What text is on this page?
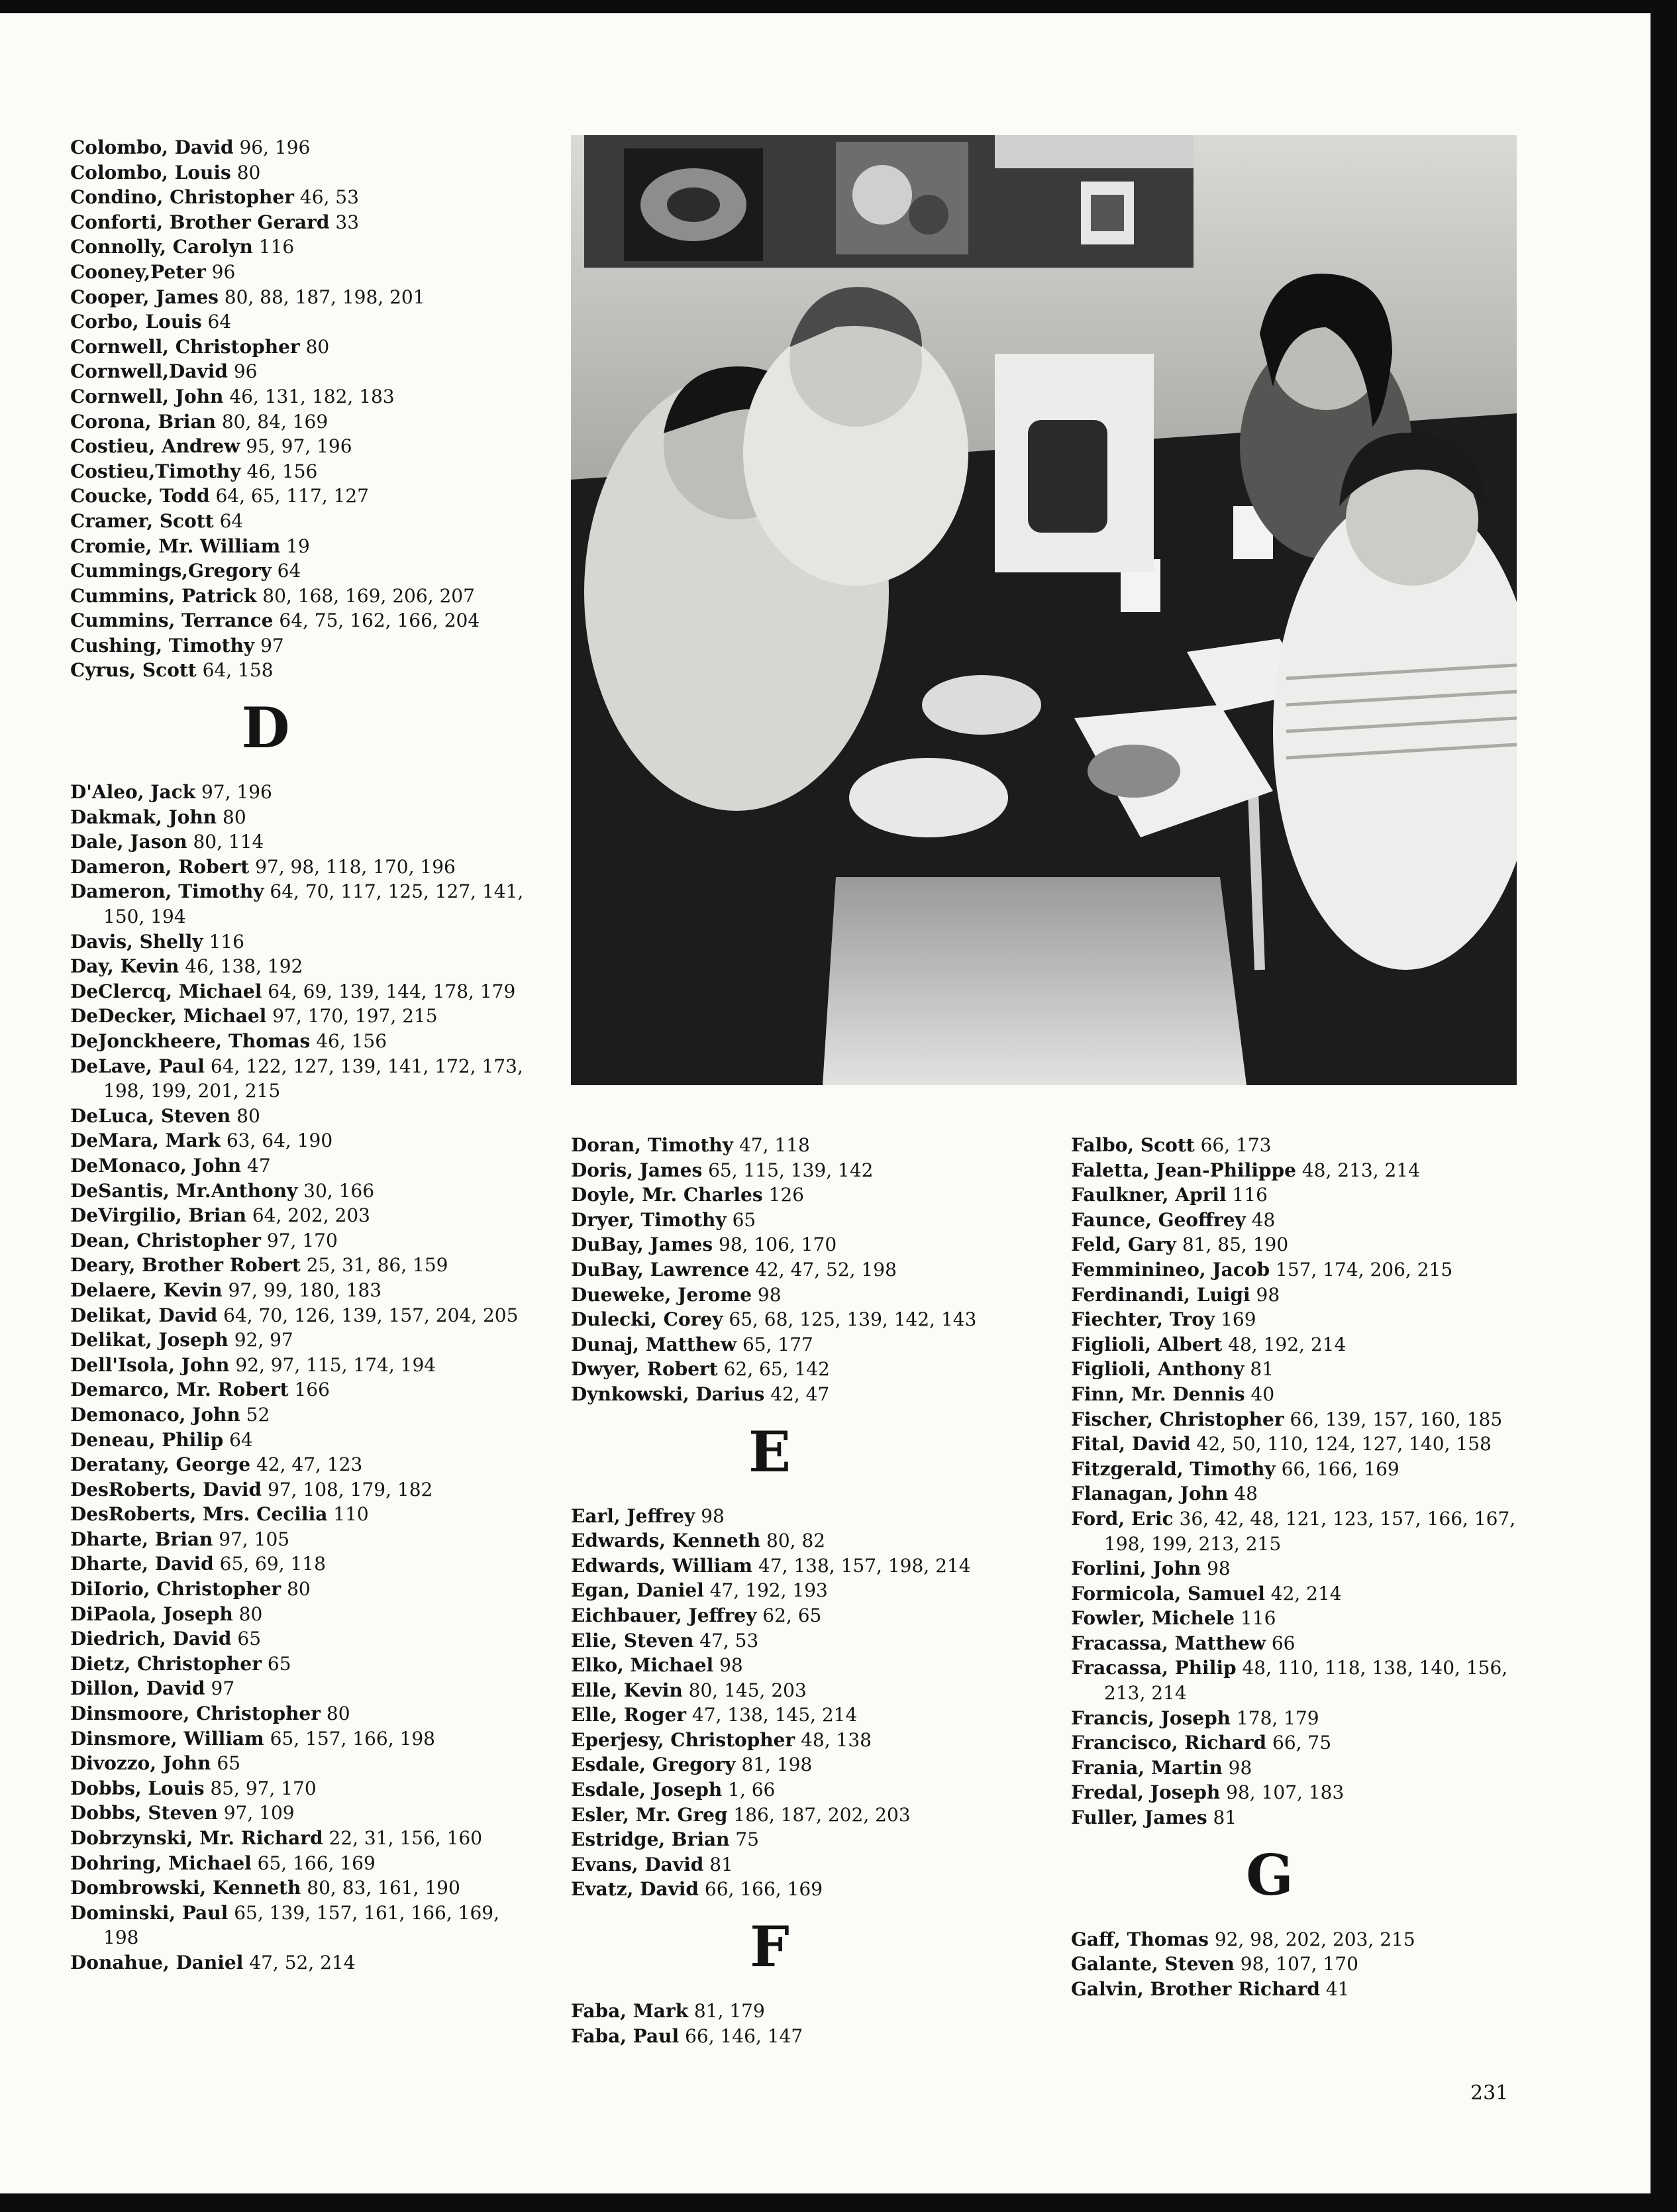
Colombo, David 96, 196
Colombo, Louis 80
Condino, Christopher 46, 53
Conforti, Brother Gerard 33
Connolly, Carolyn 116
Cooney,Peter 96
Cooper, James 80, 88, 187, 198, 201
Corbo, Louis 64
Cornwell, Christopher 80
Cornwell,David 96
Cornwell, John 46, 131, 182, 183
Corona, Brian 80, 84, 169
Costieu, Andrew 95, 97, 196
Costieu,Timothy 46, 156
Coucke, Todd 64, 65, 117, 127
Cramer, Scott 64
Cromie, Mr. William 19
Cummings,Gregory 64
Cummins, Patrick 80, 168, 169, 206, 207
Cummins, Terrance 64, 75, 162, 166, 204
Cushing, Timothy 97
Cyrus, Scott 64, 158
D
D'Aleo, Jack 97, 196
Dakmak, John 80
Dale, Jason 80, 114
Dameron, Robert 97, 98, 118, 170, 196
Dameron, Timothy 64, 70, 117, 125, 127, 141, 150, 194
Davis, Shelly 116
Day, Kevin 46, 138, 192
DeClercq, Michael 64, 69, 139, 144, 178, 179
DeDecker, Michael 97, 170, 197, 215
DeJonckheere, Thomas 46, 156
DeLave, Paul 64, 122, 127, 139, 141, 172, 173, 198, 199, 201, 215
DeLuca, Steven 80
DeMara, Mark 63, 64, 190
DeMonaco, John 47
DeSantis, Mr.Anthony 30, 166
DeVirgilio, Brian 64, 202, 203
Dean, Christopher 97, 170
Deary, Brother Robert 25, 31, 86, 159
Delaere, Kevin 97, 99, 180, 183
Delikat, David 64, 70, 126, 139, 157, 204, 205
Delikat, Joseph 92, 97
Dell'Isola, John 92, 97, 115, 174, 194
Demarco, Mr. Robert 166
Demonaco, John 52
Deneau, Philip 64
Deratany, George 42, 47, 123
DesRoberts, David 97, 108, 179, 182
DesRoberts, Mrs. Cecilia 110
Dharte, Brian 97, 105
Dharte, David 65, 69, 118
DiIorio, Christopher 80
DiPaola, Joseph 80
Diedrich, David 65
Dietz, Christopher 65
Dillon, David 97
Dinsmoore, Christopher 80
Dinsmore, William 65, 157, 166, 198
Divozzo, John 65
Dobbs, Louis 85, 97, 170
Dobbs, Steven 97, 109
Dobrzynski, Mr. Richard 22, 31, 156, 160
Dohring, Michael 65, 166, 169
Dombrowski, Kenneth 80, 83, 161, 190
Dominski, Paul 65, 139, 157, 161, 166, 169, 198
Donahue, Daniel 47, 52, 214
Doran, Timothy 47, 118
Doris, James 65, 115, 139, 142
Doyle, Mr. Charles 126
Dryer, Timothy 65
DuBay, James 98, 106, 170
DuBay, Lawrence 42, 47, 52, 198
Dueweke, Jerome 98
Dulecki, Corey 65, 68, 125, 139, 142, 143
Dunaj, Matthew 65, 177
Dwyer, Robert 62, 65, 142
Dynkowski, Darius 42, 47
E
Earl, Jeffrey 98
Edwards, Kenneth 80, 82
Edwards, William 47, 138, 157, 198, 214
Egan, Daniel 47, 192, 193
Eichbauer, Jeffrey 62, 65
Elie, Steven 47, 53
Elko, Michael 98
Elle, Kevin 80, 145, 203
Elle, Roger 47, 138, 145, 214
Eperjesy, Christopher 48, 138
Esdale, Gregory 81, 198
Esdale, Joseph 1, 66
Esler, Mr. Greg 186, 187, 202, 203
Estridge, Brian 75
Evans, David 81
Evatz, David 66, 166, 169
F
Faba, Mark 81, 179
Faba, Paul 66, 146, 147
Falbo, Scott 66, 173
Faletta, Jean-Philippe 48, 213, 214
Faulkner, April 116
Faunce, Geoffrey 48
Feld, Gary 81, 85, 190
Femminineo, Jacob 157, 174, 206, 215
Ferdinandi, Luigi 98
Fiechter, Troy 169
Figlioli, Albert 48, 192, 214
Figlioli, Anthony 81
Finn, Mr. Dennis 40
Fischer, Christopher 66, 139, 157, 160, 185
Fital, David 42, 50, 110, 124, 127, 140, 158
Fitzgerald, Timothy 66, 166, 169
Flanagan, John 48
Ford, Eric 36, 42, 48, 121, 123, 157, 166, 167, 198, 199, 213, 215
Forlini, John 98
Formicola, Samuel 42, 214
Fowler, Michele 116
Fracassa, Matthew 66
Fracassa, Philip 48, 110, 118, 138, 140, 156, 213, 214
Francis, Joseph 178, 179
Francisco, Richard 66, 75
Frania, Martin 98
Fredal, Joseph 98, 107, 183
Fuller, James 81
G
Gaff, Thomas 92, 98, 202, 203, 215
Galante, Steven 98, 107, 170
Galvin, Brother Richard 41
231
